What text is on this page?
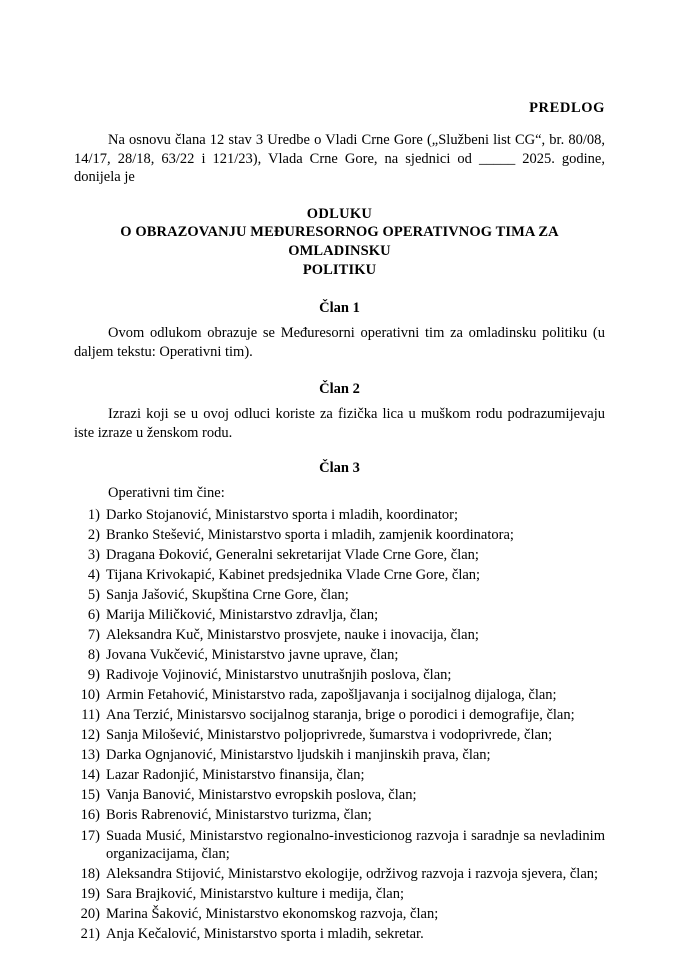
PREDLOG

Na osnovu člana 12 stav 3 Uredbe o Vladi Crne Gore („Službeni list CG“, br. 80/08, 14/17, 28/18, 63/22 i 121/23), Vlada Crne Gore, na sjednici od _____ 2025. godine, donijela je

ODLUKU
O OBRAZOVANJU MEĐURESORNOG OPERATIVNOG TIMA ZA OMLADINSKU
POLITIKU
Član 1

Ovom odlukom obrazuje se Međuresorni operativni tim za omladinsku politiku (u daljem tekstu: Operativni tim).

Član 2

Izrazi koji se u ovoj odluci koriste za fizička lica u muškom rodu podrazumijevaju iste izraze u ženskom rodu.

Član 3
Operativni tim čine:
1) Darko Stojanović, Ministarstvo sporta i mladih, koordinator;
2) Branko Stešević, Ministarstvo sporta i mladih, zamjenik koordinatora;
3) Dragana Đoković, Generalni sekretarijat Vlade Crne Gore, član;
4) Tijana Krivokapić, Kabinet predsjednika Vlade Crne Gore, član;
5) Sanja Jašović, Skupština Crne Gore, član;
6) Marija Miličković, Ministarstvo zdravlja, član;
7) Aleksandra Kuč, Ministarstvo prosvjete, nauke i inovacija, član;
8) Jovana Vukčević, Ministarstvo javne uprave, član;
9) Radivoje Vojinović, Ministarstvo unutrašnjih poslova, član;
10) Armin Fetahović, Ministarstvo rada, zapošljavanja i socijalnog dijaloga, član;
11) Ana Terzić, Ministarsvo socijalnog staranja, brige o porodici i demografije, član;
12) Sanja Milošević, Ministarstvo poljoprivrede, šumarstva i vodoprivrede, član;
13) Darka Ognjanović, Ministarstvo ljudskih i manjinskih prava, član;
14) Lazar Radonjić, Ministarstvo finansija, član;
15) Vanja Banović, Ministarstvo evropskih poslova, član;
16) Boris Rabrenović, Ministarstvo turizma, član;
17) Suada Musić, Ministarstvo regionalno-investicionog razvoja i saradnje sa nevladinim organizacijama, član;
18) Aleksandra Stijović, Ministarstvo ekologije, održivog razvoja i razvoja sjevera, član;
19) Sara Brajković, Ministarstvo kulture i medija, član;
20) Marina Šaković, Ministarstvo ekonomskog razvoja, član;
21) Anja Kečalović, Ministarstvo sporta i mladih, sekretar.
